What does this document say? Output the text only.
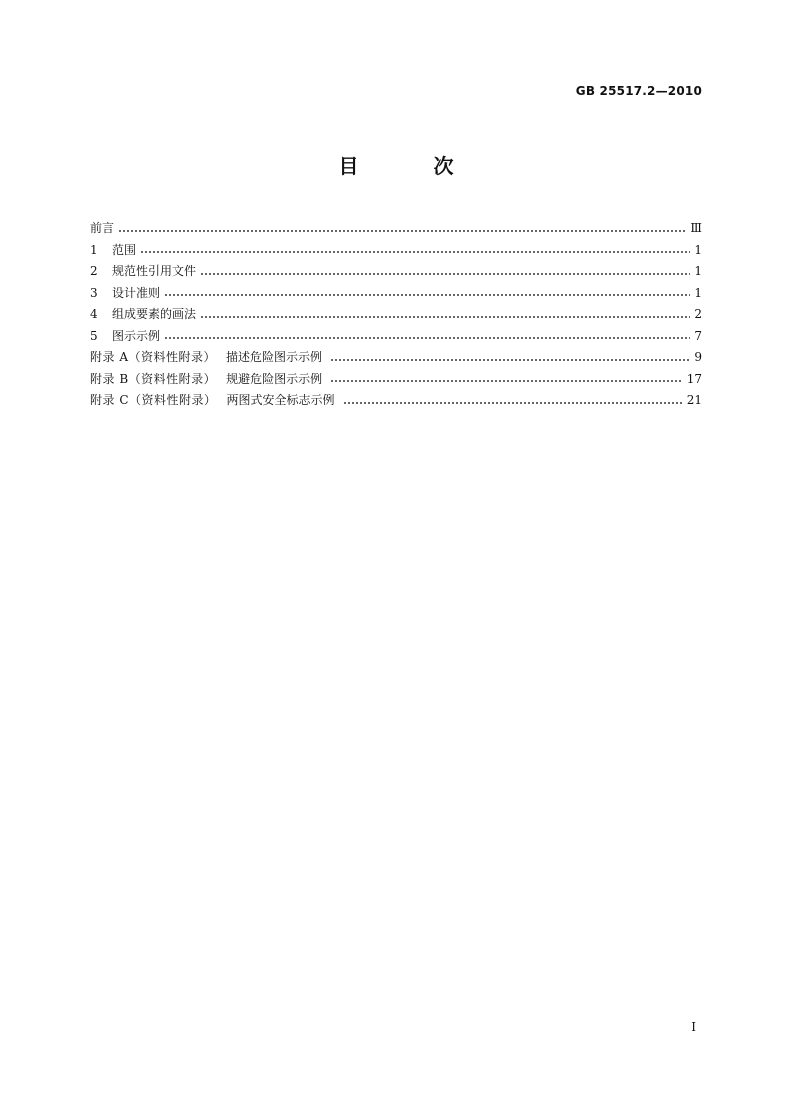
GB 25517.2—2010
目 次
前言	Ⅲ
1	范围	1
2	规范性引用文件	1
3	设计准则	1
4	组成要素的画法	2
5	图示示例	7
附录 A（资料性附录） 描述危险图示示例	9
附录 B（资料性附录） 规避危险图示示例	17
附录 C（资料性附录） 两图式安全标志示例	21
I
